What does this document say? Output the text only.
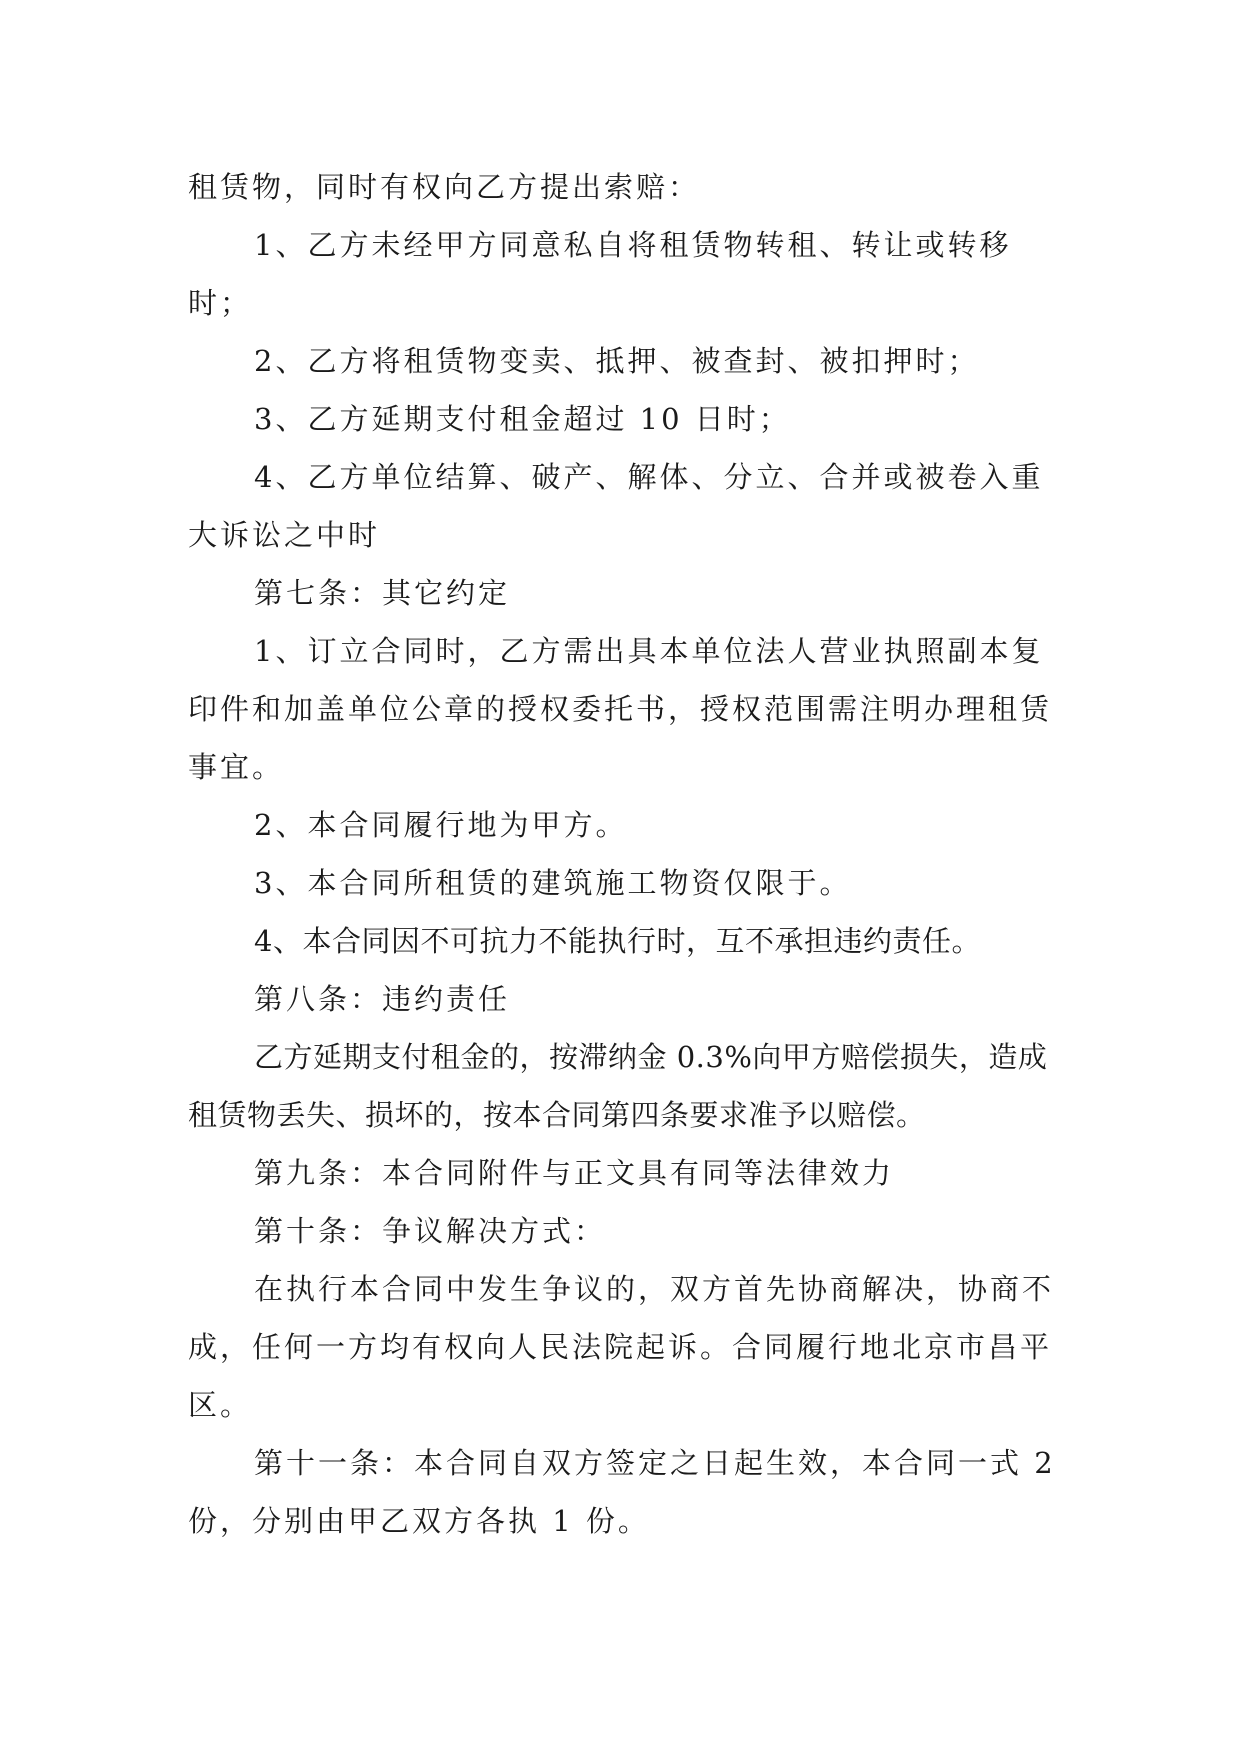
租赁物，同时有权向乙方提出索赔：

1、乙方未经甲方同意私自将租赁物转租、转让或转移时；

2、乙方将租赁物变卖、抵押、被查封、被扣押时；

3、乙方延期支付租金超过 10 日时；

4、乙方单位结算、破产、解体、分立、合并或被卷入重大诉讼之中时

第七条：其它约定

1、订立合同时，乙方需出具本单位法人营业执照副本复印件和加盖单位公章的授权委托书，授权范围需注明办理租赁事宜。

2、本合同履行地为甲方。

3、本合同所租赁的建筑施工物资仅限于。

4、本合同因不可抗力不能执行时，互不承担违约责任。

第八条：违约责任

乙方延期支付租金的，按滞纳金 0.3%向甲方赔偿损失，造成租赁物丢失、损坏的，按本合同第四条要求准予以赔偿。

第九条：本合同附件与正文具有同等法律效力

第十条：争议解决方式：

在执行本合同中发生争议的，双方首先协商解决，协商不成，任何一方均有权向人民法院起诉。合同履行地北京市昌平区。

第十一条：本合同自双方签定之日起生效，本合同一式 2 份，分别由甲乙双方各执 1 份。
